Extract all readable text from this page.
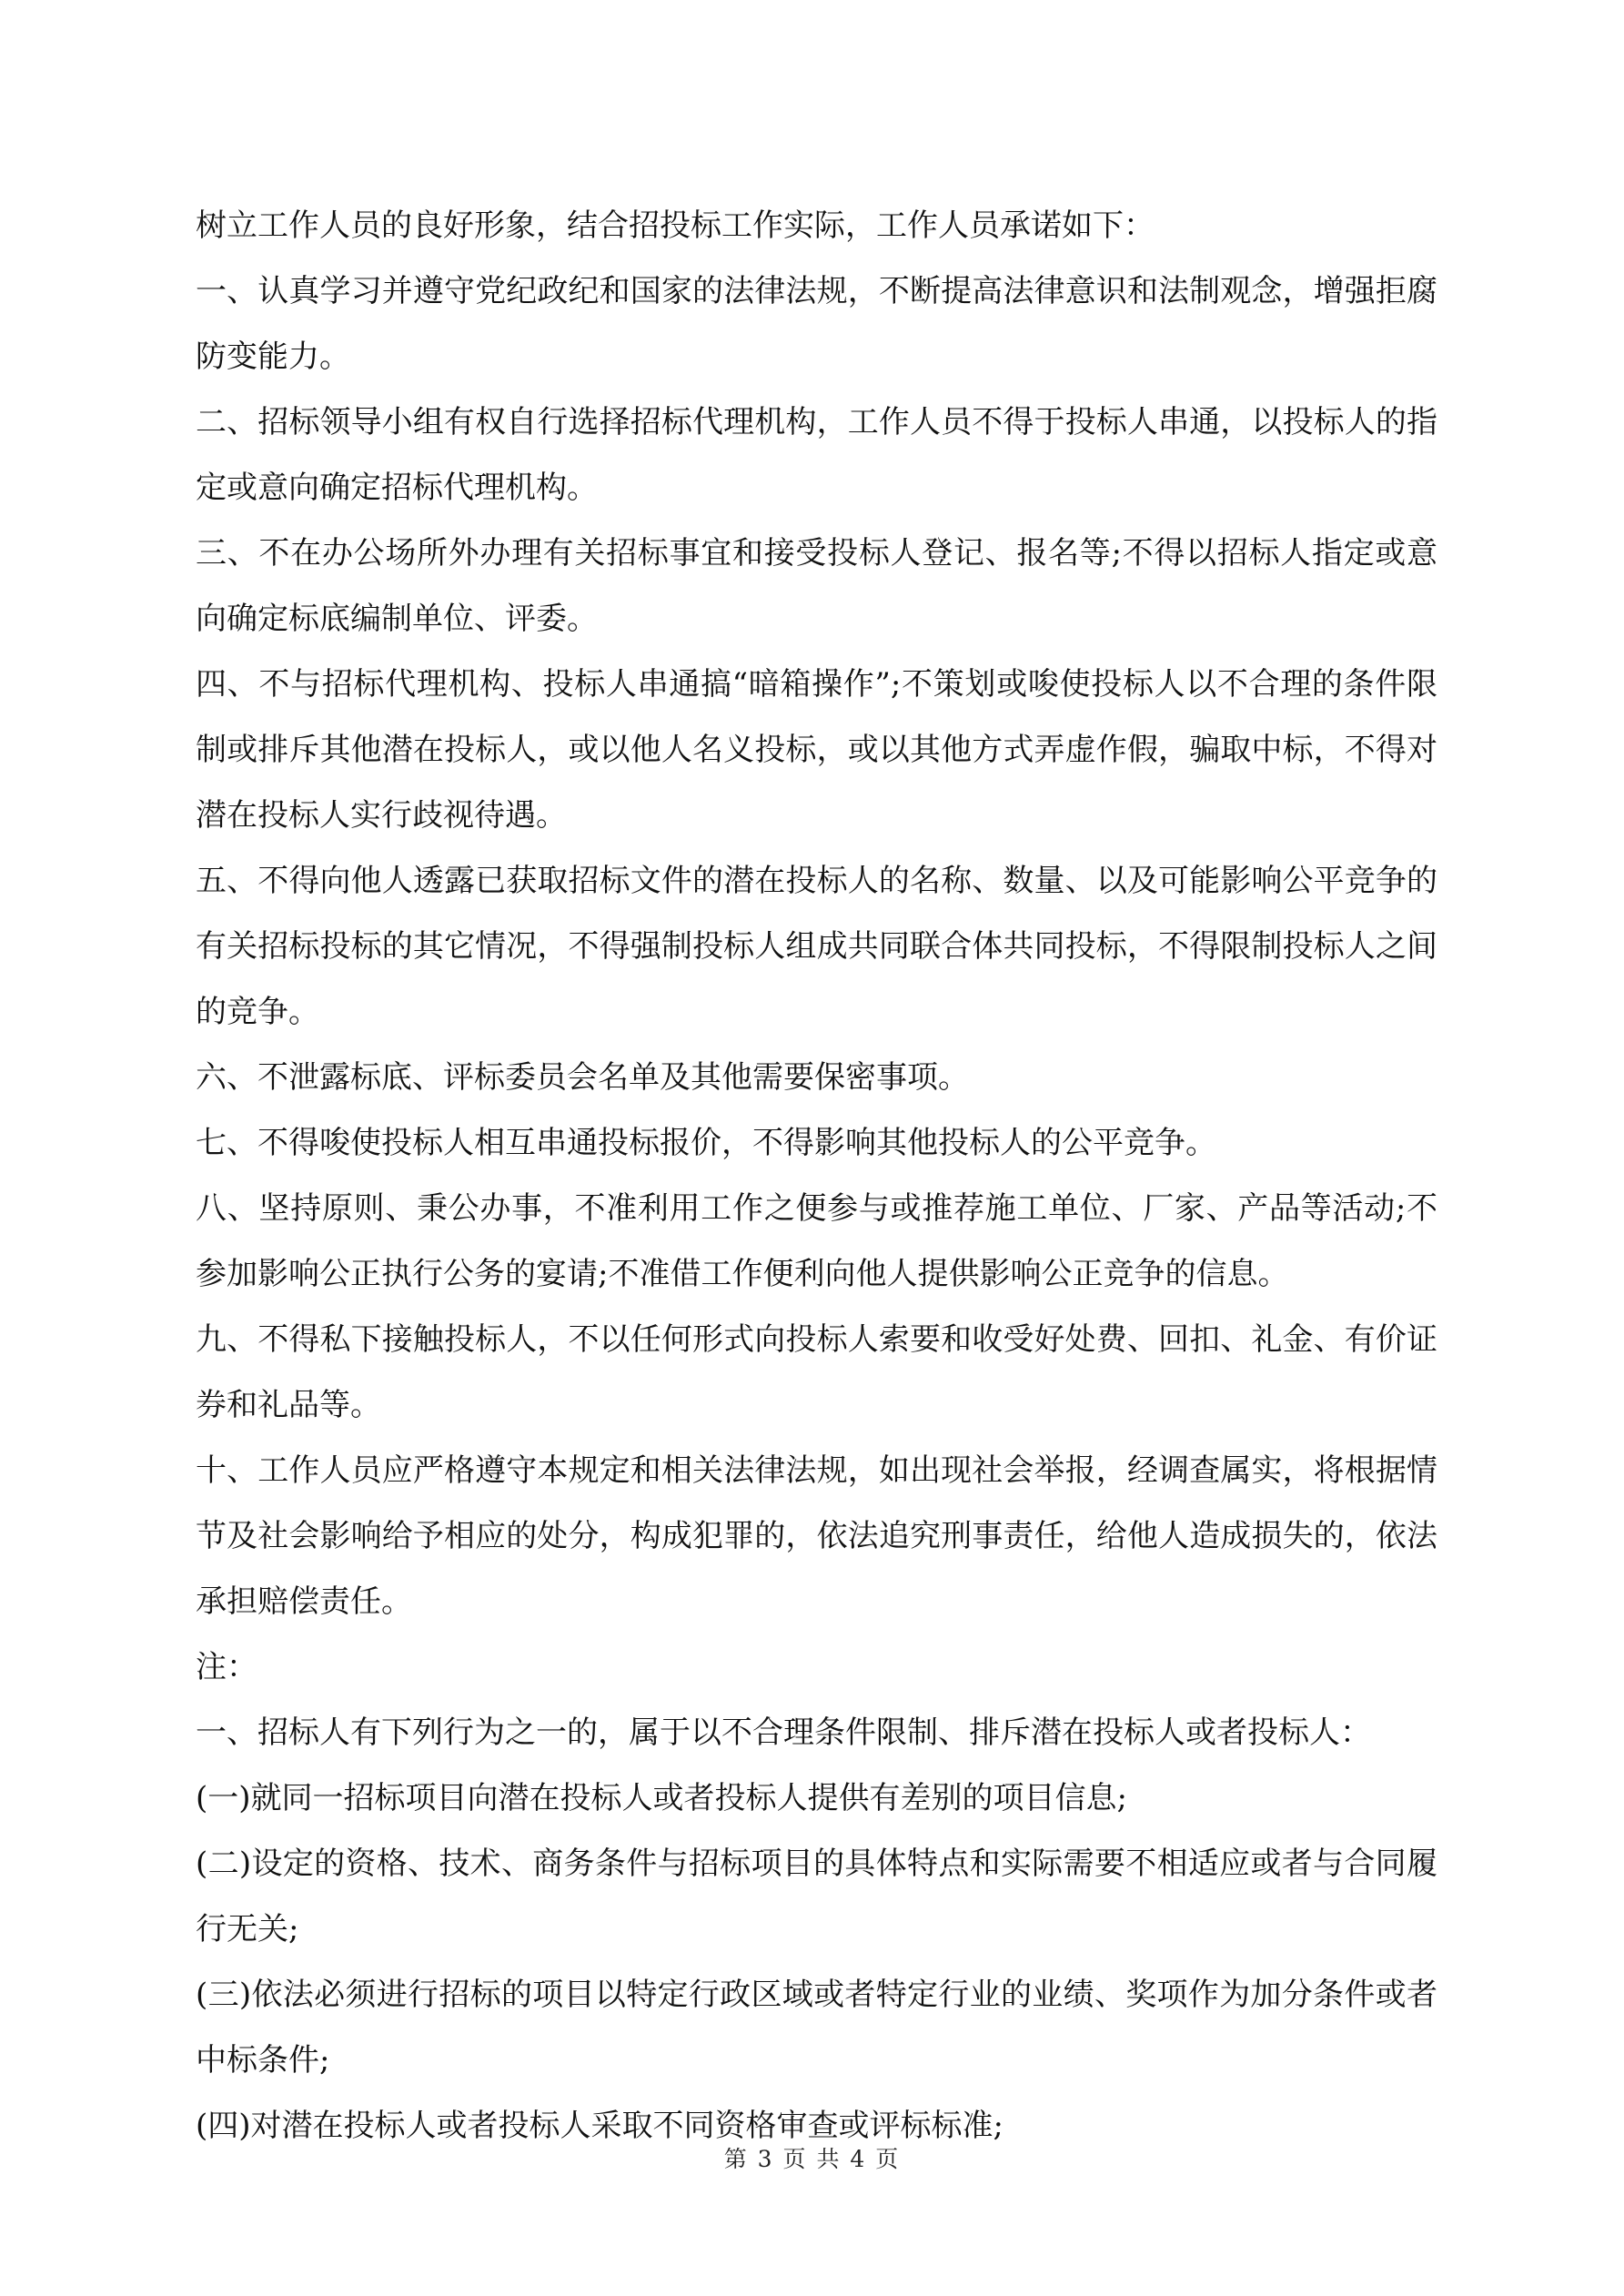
树立工作人员的良好形象，结合招投标工作实际，工作人员承诺如下：

一、认真学习并遵守党纪政纪和国家的法律法规，不断提高法律意识和法制观念，增强拒腐防变能力。

二、招标领导小组有权自行选择招标代理机构，工作人员不得于投标人串通，以投标人的指定或意向确定招标代理机构。

三、不在办公场所外办理有关招标事宜和接受投标人登记、报名等;不得以招标人指定或意向确定标底编制单位、评委。

四、不与招标代理机构、投标人串通搞“暗箱操作”;不策划或唆使投标人以不合理的条件限制或排斥其他潜在投标人，或以他人名义投标，或以其他方式弄虚作假，骗取中标，不得对潜在投标人实行歧视待遇。

五、不得向他人透露已获取招标文件的潜在投标人的名称、数量、以及可能影响公平竞争的有关招标投标的其它情况，不得强制投标人组成共同联合体共同投标，不得限制投标人之间的竞争。

六、不泄露标底、评标委员会名单及其他需要保密事项。

七、不得唆使投标人相互串通投标报价，不得影响其他投标人的公平竞争。

八、坚持原则、秉公办事，不准利用工作之便参与或推荐施工单位、厂家、产品等活动;不参加影响公正执行公务的宴请;不准借工作便利向他人提供影响公正竞争的信息。

九、不得私下接触投标人，不以任何形式向投标人索要和收受好处费、回扣、礼金、有价证券和礼品等。

十、工作人员应严格遵守本规定和相关法律法规，如出现社会举报，经调查属实，将根据情节及社会影响给予相应的处分，构成犯罪的，依法追究刑事责任，给他人造成损失的，依法承担赔偿责任。

注：

一、招标人有下列行为之一的，属于以不合理条件限制、排斥潜在投标人或者投标人：

(一)就同一招标项目向潜在投标人或者投标人提供有差别的项目信息;

(二)设定的资格、技术、商务条件与招标项目的具体特点和实际需要不相适应或者与合同履行无关;

(三)依法必须进行招标的项目以特定行政区域或者特定行业的业绩、奖项作为加分条件或者中标条件;

(四)对潜在投标人或者投标人采取不同资格审查或评标标准;

第 3 页 共 4 页
